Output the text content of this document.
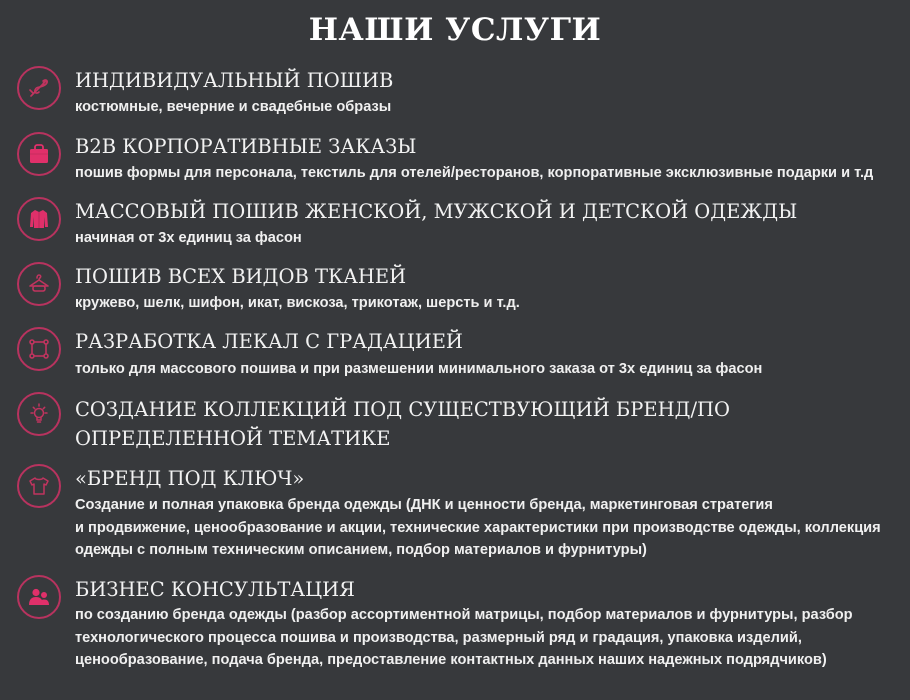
НАШИ УСЛУГИ
ИНДИВИДУАЛЬНЫЙ ПОШИВ
костюмные, вечерние и свадебные образы
B2B КОРПОРАТИВНЫЕ ЗАКАЗЫ
пошив формы для персонала, текстиль для отелей/ресторанов, корпоративные эксклюзивные подарки и т.д
МАССОВЫЙ ПОШИВ ЖЕНСКОЙ, МУЖСКОЙ И ДЕТСКОЙ ОДЕЖДЫ
начиная от 3х единиц за фасон
ПОШИВ ВСЕХ ВИДОВ ТКАНЕЙ
кружево, шелк, шифон, икат, вискоза, трикотаж, шерсть и т.д.
РАЗРАБОТКА ЛЕКАЛ С ГРАДАЦИЕЙ
только для массового пошива и при размешении минимального заказа от 3х единиц за фасон
СОЗДАНИЕ КОЛЛЕКЦИЙ ПОД СУЩЕСТВУЮЩИЙ БРЕНД/ПО ОПРЕДЕЛЕННОЙ ТЕМАТИКЕ
«БРЕНД ПОД КЛЮЧ»
Создание и полная упаковка бренда одежды (ДНК и ценности бренда, маркетинговая стратегия
и продвижение, ценообразование и акции, технические характеристики при производстве одежды, коллекция
одежды с полным техническим описанием, подбор материалов и фурнитуры)
БИЗНЕС КОНСУЛЬТАЦИЯ
по созданию бренда одежды (разбор ассортиментной матрицы, подбор материалов и фурнитуры, разбор
технологического процесса пошива и производства, размерный ряд и градация, упаковка изделий,
ценообразование, подача бренда, предоставление контактных данных наших надежных подрядчиков)
